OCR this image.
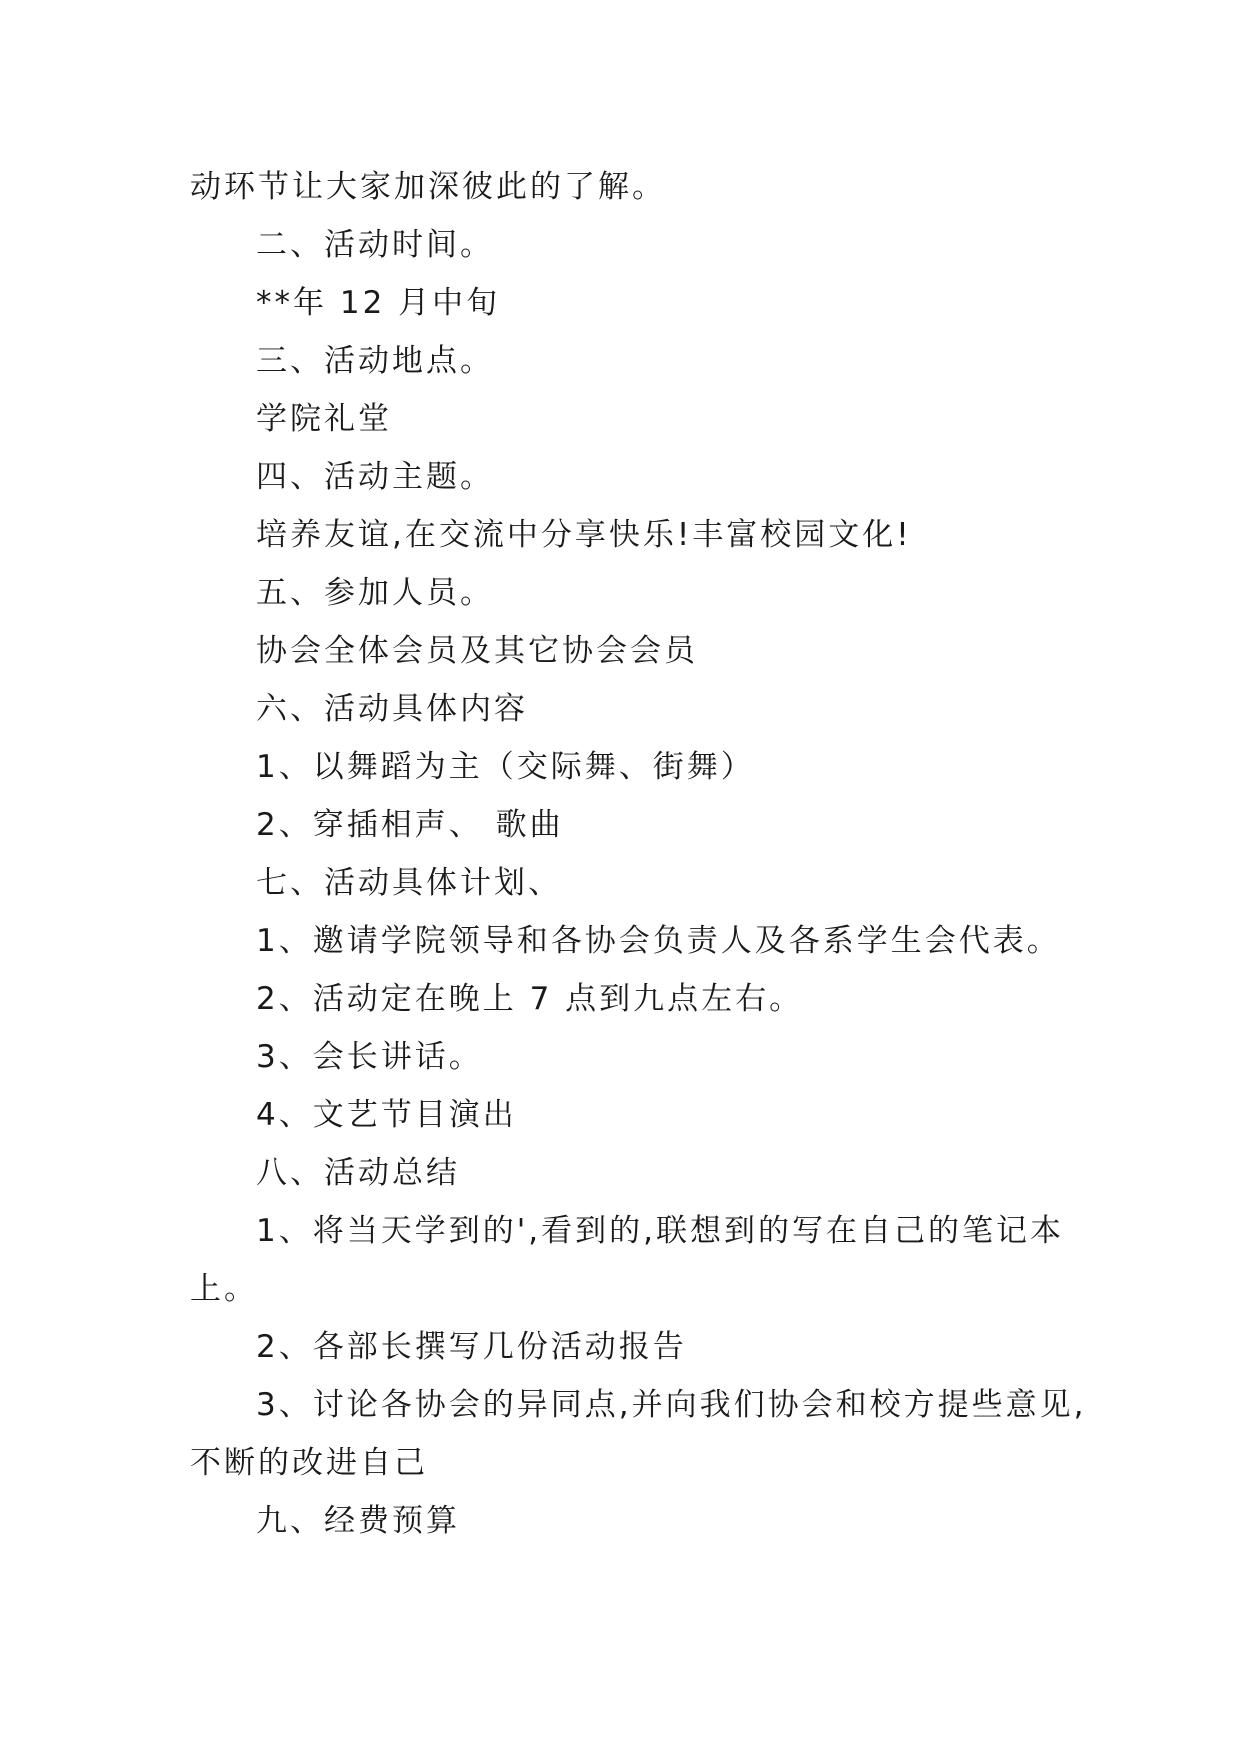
动环节让大家加深彼此的了解。
二、活动时间。
**年 12 月中旬
三、活动地点。
学院礼堂
四、活动主题。
培养友谊,在交流中分享快乐!丰富校园文化!
五、参加人员。
协会全体会员及其它协会会员
六、活动具体内容
1、以舞蹈为主（交际舞、街舞）
2、穿插相声、 歌曲
七、活动具体计划、
1、邀请学院领导和各协会负责人及各系学生会代表。
2、活动定在晚上 7 点到九点左右。
3、会长讲话。
4、文艺节目演出
八、活动总结
1、将当天学到的',看到的,联想到的写在自己的笔记本
上。
2、各部长撰写几份活动报告
3、讨论各协会的异同点,并向我们协会和校方提些意见,
不断的改进自己
九、经费预算
